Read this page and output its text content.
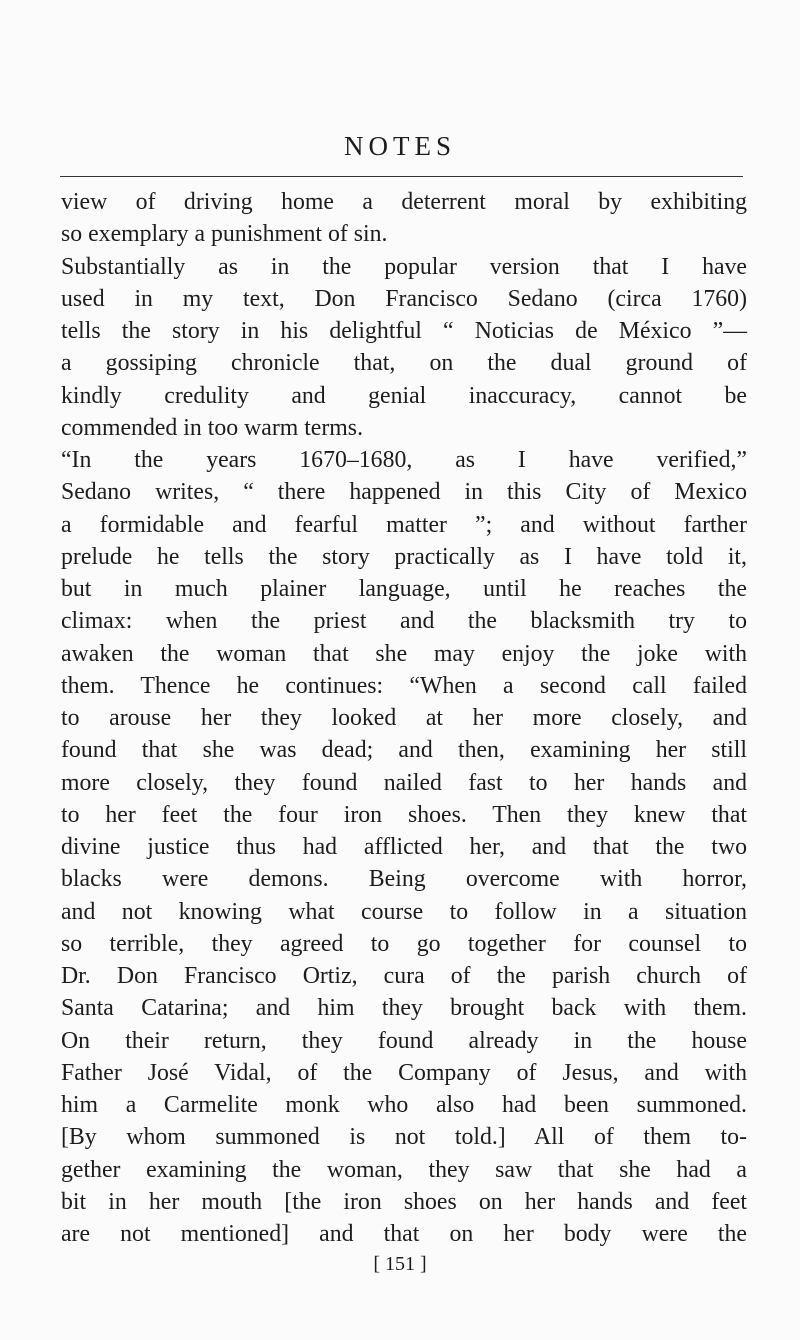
NOTES
view of driving home a deterrent moral by exhibiting
so exemplary a punishment of sin.
Substantially as in the popular version that I have
used in my text, Don Francisco Sedano (circa 1760)
tells the story in his delightful “ Noticias de México ”—
a gossiping chronicle that, on the dual ground of
kindly credulity and genial inaccuracy, cannot be
commended in too warm terms.
“In the years 1670–1680, as I have verified,”
Sedano writes, “ there happened in this City of Mexico
a formidable and fearful matter ”; and without farther
prelude he tells the story practically as I have told it,
but in much plainer language, until he reaches the
climax: when the priest and the blacksmith try to
awaken the woman that she may enjoy the joke with
them. Thence he continues: “When a second call failed
to arouse her they looked at her more closely, and
found that she was dead; and then, examining her still
more closely, they found nailed fast to her hands and
to her feet the four iron shoes. Then they knew that
divine justice thus had afflicted her, and that the two
blacks were demons. Being overcome with horror,
and not knowing what course to follow in a situation
so terrible, they agreed to go together for counsel to
Dr. Don Francisco Ortiz, cura of the parish church of
Santa Catarina; and him they brought back with them.
On their return, they found already in the house
Father José Vidal, of the Company of Jesus, and with
him a Carmelite monk who also had been summoned.
[By whom summoned is not told.] All of them to-
gether examining the woman, they saw that she had a
bit in her mouth [the iron shoes on her hands and feet
are not mentioned] and that on her body were the
[ 151 ]
